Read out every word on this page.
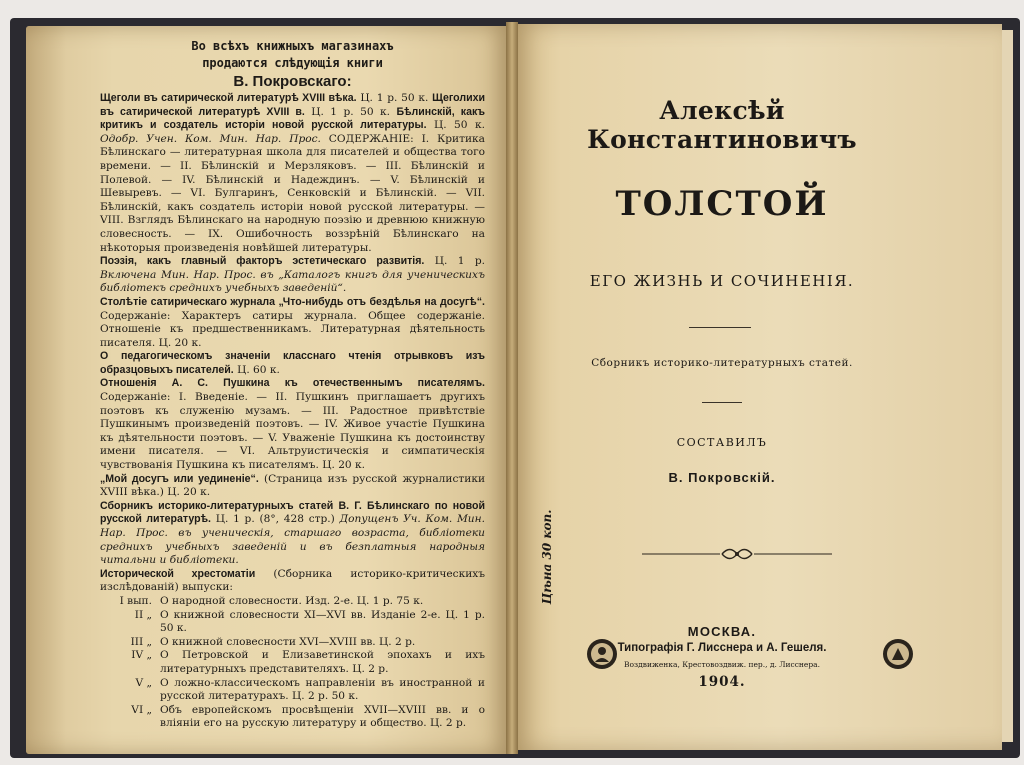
Во всѣхъ книжныхъ магазинахъ
продаются слѣдующія книги
В. Покровскаго:

Щеголи въ сатирической литературѣ XVIII вѣка. Ц. 1 р. 50 к. Щеголихи въ сатирической литературѣ XVIII в. Ц. 1 р. 50 к. Бѣлинскій, какъ критикъ и создатель исторіи новой русской литературы. Ц. 50 к. Одобр. Учен. Ком. Мин. Нар. Прос. СОДЕРЖАНІЕ: I. Критика Бѣлинскаго — литературная школа для писателей и общества того времени. — II. Бѣлинскій и Мерзляковъ. — III. Бѣлинскій и Полевой. — IV. Бѣлинскій и Надеждинъ. — V. Бѣлинскій и Шевыревъ. — VI. Булгаринъ, Сенковскій и Бѣлинскій. — VII. Бѣлинскій, какъ создатель исторіи новой русской литературы. — VIII. Взглядъ Бѣлинскаго на народную поэзію и древнюю книжную словесность. — IX. Ошибочность воззрѣній Бѣлинскаго на нѣкоторыя произведенія новѣйшей литературы.

Поэзія, какъ главный факторъ эстетическаго развитія. Ц. 1 р. Включена Мин. Нар. Прос. въ „Каталогъ книгъ для ученическихъ библіотекъ среднихъ учебныхъ заведеній“.

Столѣтіе сатирическаго журнала „Что-нибудь отъ бездѣлья на досугѣ“. Содержаніе: Характеръ сатиры журнала. Общее содержаніе. Отношеніе къ предшественникамъ. Литературная дѣятельность писателя. Ц. 20 к.

О педагогическомъ значеніи класснаго чтенія отрывковъ изъ образцовыхъ писателей. Ц. 60 к.

Отношенія А. С. Пушкина къ отечественнымъ писателямъ. Содержаніе: I. Введеніе. — II. Пушкинъ приглашаетъ другихъ поэтовъ къ служенію музамъ. — III. Радостное привѣтствіе Пушкинымъ произведеній поэтовъ. — IV. Живое участіе Пушкина къ дѣятельности поэтовъ. — V. Уваженіе Пушкина къ достоинству имени писателя. — VI. Альтруистическія и симпатическія чувствованія Пушкина къ писателямъ. Ц. 20 к.

„Мой досугъ или уединеніе“. (Страница изъ русской журналистики XVIII вѣка.) Ц. 20 к.

Сборникъ историко-литературныхъ статей В. Г. Бѣлинскаго по новой русской литературѣ. Ц. 1 р. (8°, 428 стр.) Допущенъ Уч. Ком. Мин. Нар. Прос. въ ученическія, старшаго возраста, библіотеки среднихъ учебныхъ заведеній и въ безплатныя народныя читальни и библіотеки.

Исторической хрестоматіи (Сборника историко-критическихъ изслѣдованій) выпуски:

I вып. О народной словесности. Изд. 2-е. Ц. 1 р. 75 к.
II „ О книжной словесности XI—XVI вв. Изданіе 2-е. Ц. 1 р. 50 к.
III „ О книжной словесности XVI—XVIII вв. Ц. 2 р.
IV „ О Петровской и Елизаветинской эпохахъ и ихъ литературныхъ представителяхъ. Ц. 2 р.
V „ О ложно-классическомъ направленіи въ иностранной и русской литературахъ. Ц. 2 р. 50 к.
VI „ Объ европейскомъ просвѣщеніи XVII—XVIII вв. и о вліяніи его на русскую литературу и общество. Ц. 2 р.
Алексѣй Константиновичъ
ТОЛСТОЙ
ЕГО ЖИЗНЬ И СОЧИНЕНІЯ.
Сборникъ историко-литературныхъ статей.
СОСТАВИЛЪ
В. Покровскій.
Цѣна 30 коп.
МОСКВА.
Типографія Г. Лисснера и А. Гешеля.
Воздвиженка, Крестовоздвиж. пер., д. Лисснера.
1904.
